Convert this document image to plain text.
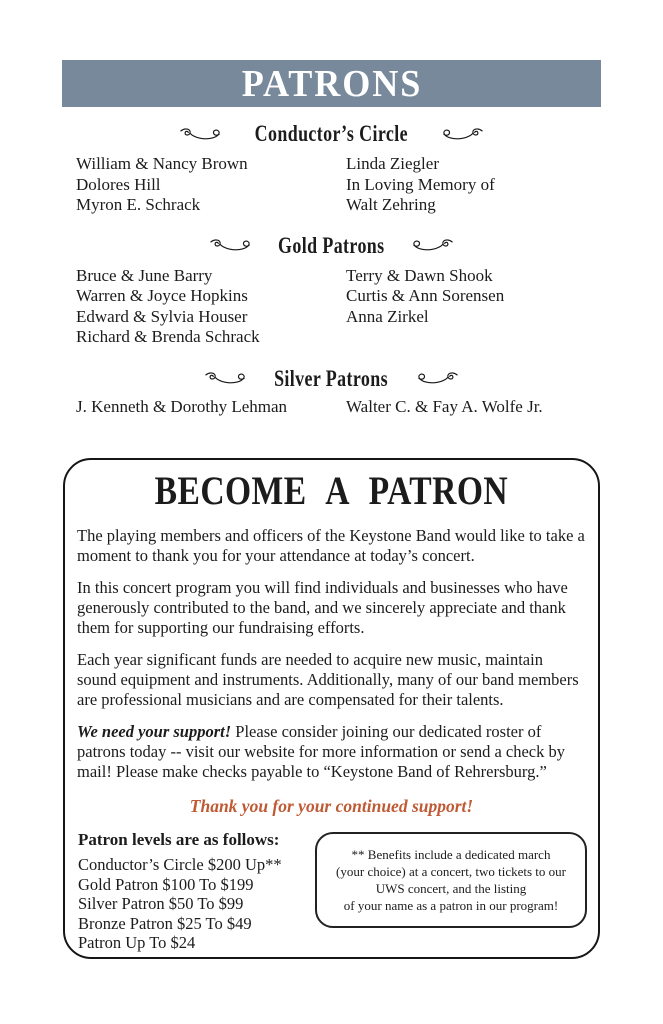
PATRONS
Conductor’s Circle
William & Nancy Brown
Dolores Hill
Myron E. Schrack
Linda Ziegler
In Loving Memory of
Walt Zehring
Gold Patrons
Bruce & June Barry
Warren & Joyce Hopkins
Edward & Sylvia Houser
Richard & Brenda Schrack
Terry & Dawn Shook
Curtis & Ann Sorensen
Anna Zirkel
Silver Patrons
J. Kenneth & Dorothy Lehman	Walter C. & Fay A. Wolfe Jr.
BECOME A PATRON

The playing members and officers of the Keystone Band would like to take a moment to thank you for your attendance at today’s concert.

In this concert program you will find individuals and businesses who have generously contributed to the band, and we sincerely appreciate and thank them for supporting our fundraising efforts.

Each year significant funds are needed to acquire new music, maintain sound equipment and instruments. Additionally, many of our band members are professional musicians and are compensated for their talents.

We need your support! Please consider joining our dedicated roster of patrons today -- visit our website for more information or send a check by mail! Please make checks payable to “Keystone Band of Rehrersburg.”

Thank you for your continued support!
Patron levels are as follows:
Conductor’s Circle $200 Up**
Gold Patron $100 To $199
Silver Patron $50 To $99
Bronze Patron $25 To $49
Patron Up To $24
** Benefits include a dedicated march
(your choice) at a concert, two tickets to our
UWS concert, and the listing
of your name as a patron in our program!
